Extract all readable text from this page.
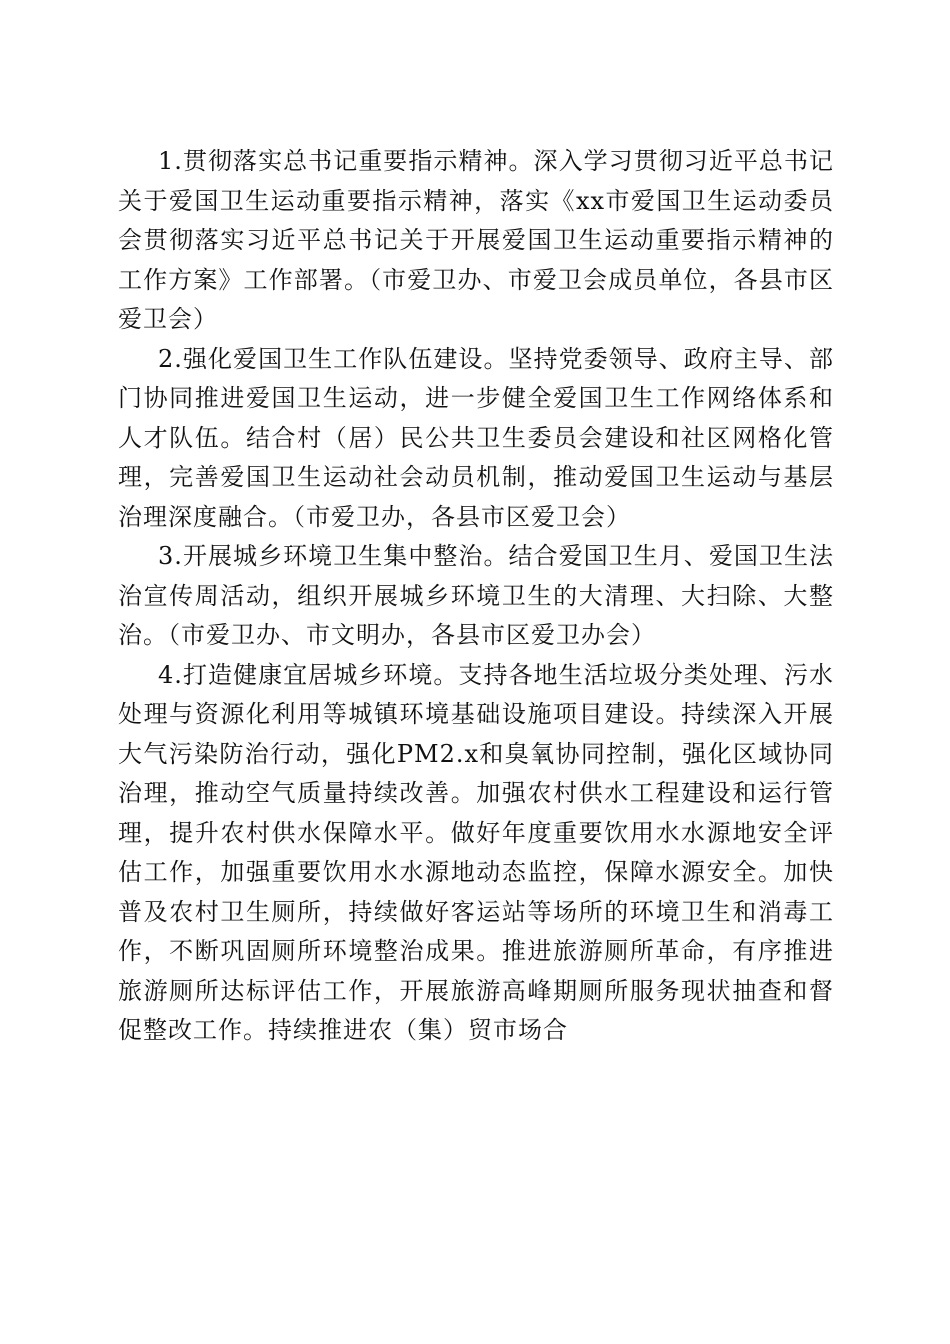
1.贯彻落实总书记重要指示精神。深入学习贯彻习近平总书记关于爱国卫生运动重要指示精神，落实《xx市爱国卫生运动委员会贯彻落实习近平总书记关于开展爱国卫生运动重要指示精神的工作方案》工作部署。（市爱卫办、市爱卫会成员单位，各县市区爱卫会）

2.强化爱国卫生工作队伍建设。坚持党委领导、政府主导、部门协同推进爱国卫生运动，进一步健全爱国卫生工作网络体系和人才队伍。结合村（居）民公共卫生委员会建设和社区网格化管理，完善爱国卫生运动社会动员机制，推动爱国卫生运动与基层治理深度融合。（市爱卫办，各县市区爱卫会）

3.开展城乡环境卫生集中整治。结合爱国卫生月、爱国卫生法治宣传周活动，组织开展城乡环境卫生的大清理、大扫除、大整治。（市爱卫办、市文明办，各县市区爱卫办会）

4.打造健康宜居城乡环境。支持各地生活垃圾分类处理、污水处理与资源化利用等城镇环境基础设施项目建设。持续深入开展大气污染防治行动，强化PM2.x和臭氧协同控制，强化区域协同治理，推动空气质量持续改善。加强农村供水工程建设和运行管理，提升农村供水保障水平。做好年度重要饮用水水源地安全评估工作，加强重要饮用水水源地动态监控，保障水源安全。加快普及农村卫生厕所，持续做好客运站等场所的环境卫生和消毒工作，不断巩固厕所环境整治成果。推进旅游厕所革命，有序推进旅游厕所达标评估工作，开展旅游高峰期厕所服务现状抽查和督促整改工作。持续推进农（集）贸市场合
